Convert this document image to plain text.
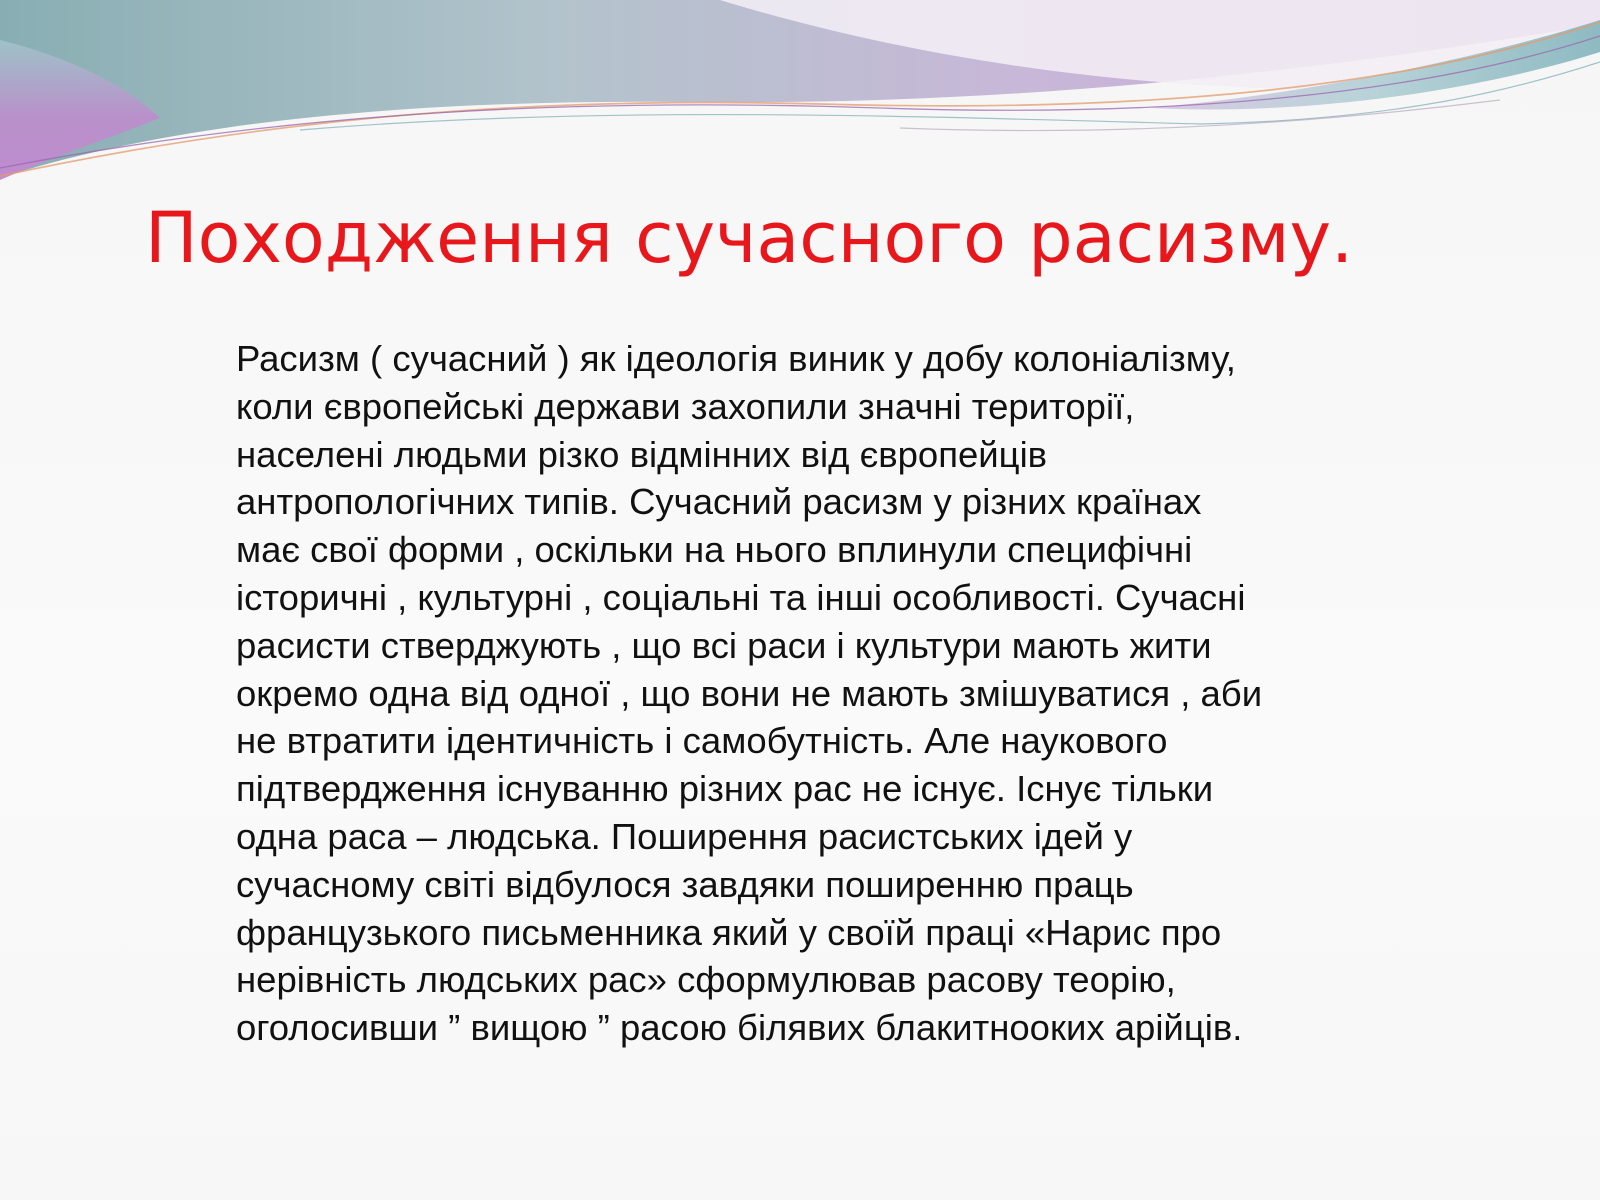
Походження сучасного расизму.
Расизм ( сучасний ) як ідеологія виник у добу колоніалізму,
коли європейські держави захопили значні території,
населені людьми різко відмінних від європейців
антропологічних типів. Сучасний расизм у різних країнах
має свої форми , оскільки на нього вплинули специфічні
історичні , культурні , соціальні та інші особливості. Сучасні
расисти стверджують , що всі раси і культури мають жити
окремо одна від одної , що вони не мають змішуватися , аби
не втратити ідентичність і самобутність. Але наукового
підтвердження існуванню різних рас не існує. Існує тільки
одна раса – людська. Поширення расистських ідей у
сучасному світі відбулося завдяки поширенню праць
французького письменника який у своїй праці «Нарис про
нерівність людських рас» сформулював расову теорію,
оголосивши ” вищою ” расою білявих блакитнооких арійців.
